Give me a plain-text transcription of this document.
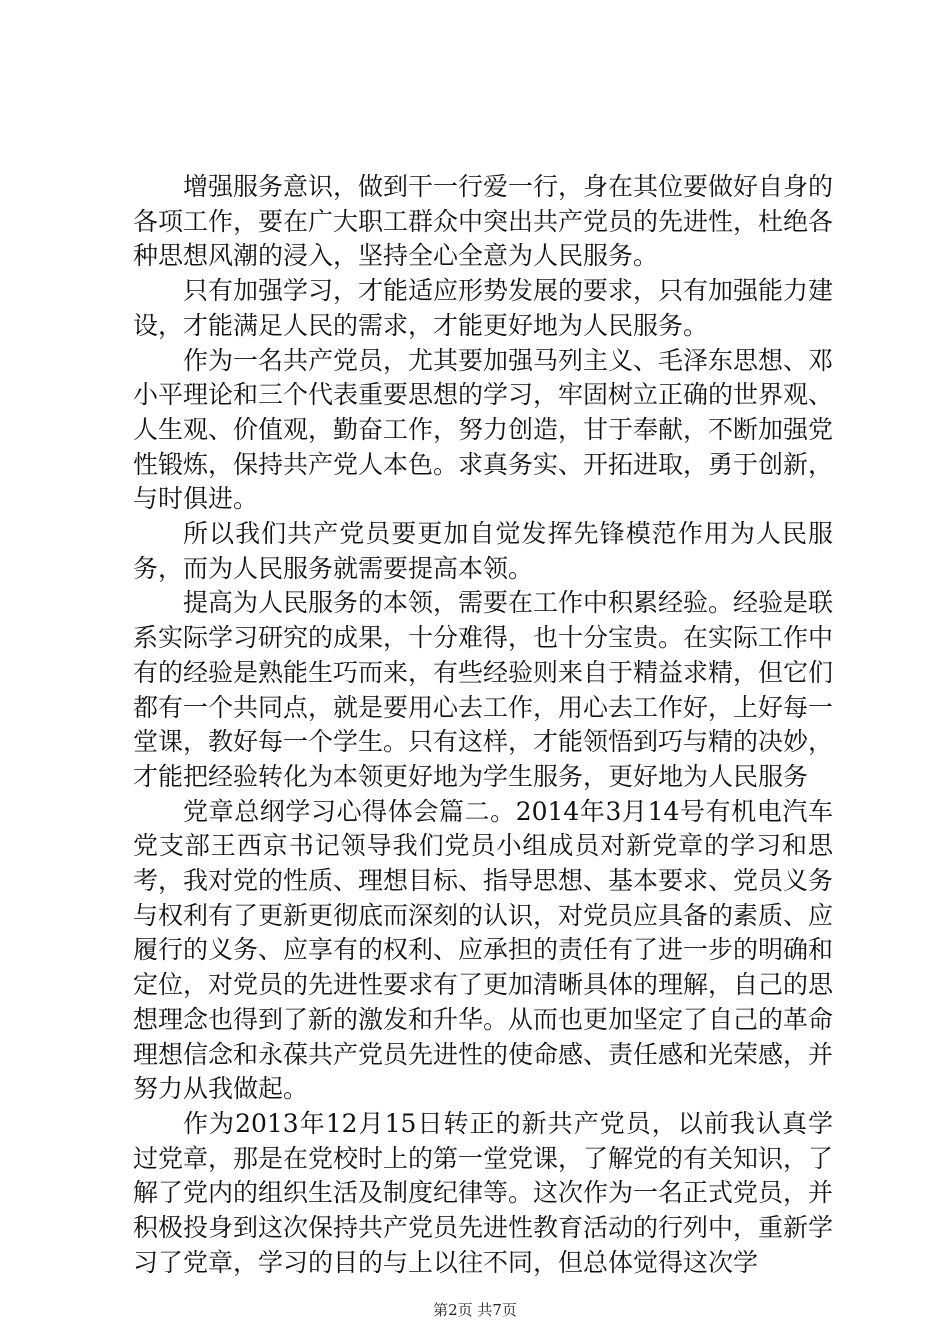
增强服务意识，做到干一行爱一行，身在其位要做好自身的各项工作，要在广大职工群众中突出共产党员的先进性，杜绝各种思想风潮的浸入，坚持全心全意为人民服务。

只有加强学习，才能适应形势发展的要求，只有加强能力建设，才能满足人民的需求，才能更好地为人民服务。

作为一名共产党员，尤其要加强马列主义、毛泽东思想、邓小平理论和三个代表重要思想的学习，牢固树立正确的世界观、人生观、价值观，勤奋工作，努力创造，甘于奉献，不断加强党性锻炼，保持共产党人本色。求真务实、开拓进取，勇于创新，与时俱进。

所以我们共产党员要更加自觉发挥先锋模范作用为人民服务，而为人民服务就需要提高本领。

提高为人民服务的本领，需要在工作中积累经验。经验是联系实际学习研究的成果，十分难得，也十分宝贵。在实际工作中有的经验是熟能生巧而来，有些经验则来自于精益求精，但它们都有一个共同点，就是要用心去工作，用心去工作好，上好每一堂课，教好每一个学生。只有这样，才能领悟到巧与精的决妙，才能把经验转化为本领更好地为学生服务，更好地为人民服务

党章总纲学习心得体会篇二。2014年3月14号有机电汽车党支部王西京书记领导我们党员小组成员对新党章的学习和思考，我对党的性质、理想目标、指导思想、基本要求、党员义务与权利有了更新更彻底而深刻的认识，对党员应具备的素质、应履行的义务、应享有的权利、应承担的责任有了进一步的明确和定位，对党员的先进性要求有了更加清晰具体的理解，自己的思想理念也得到了新的激发和升华。从而也更加坚定了自己的革命理想信念和永葆共产党员先进性的使命感、责任感和光荣感，并努力从我做起。

作为2013年12月15日转正的新共产党员，以前我认真学过党章，那是在党校时上的第一堂党课，了解党的有关知识，了解了党内的组织生活及制度纪律等。这次作为一名正式党员，并积极投身到这次保持共产党员先进性教育活动的行列中，重新学习了党章，学习的目的与上以往不同，但总体觉得这次学

第2页 共7页
